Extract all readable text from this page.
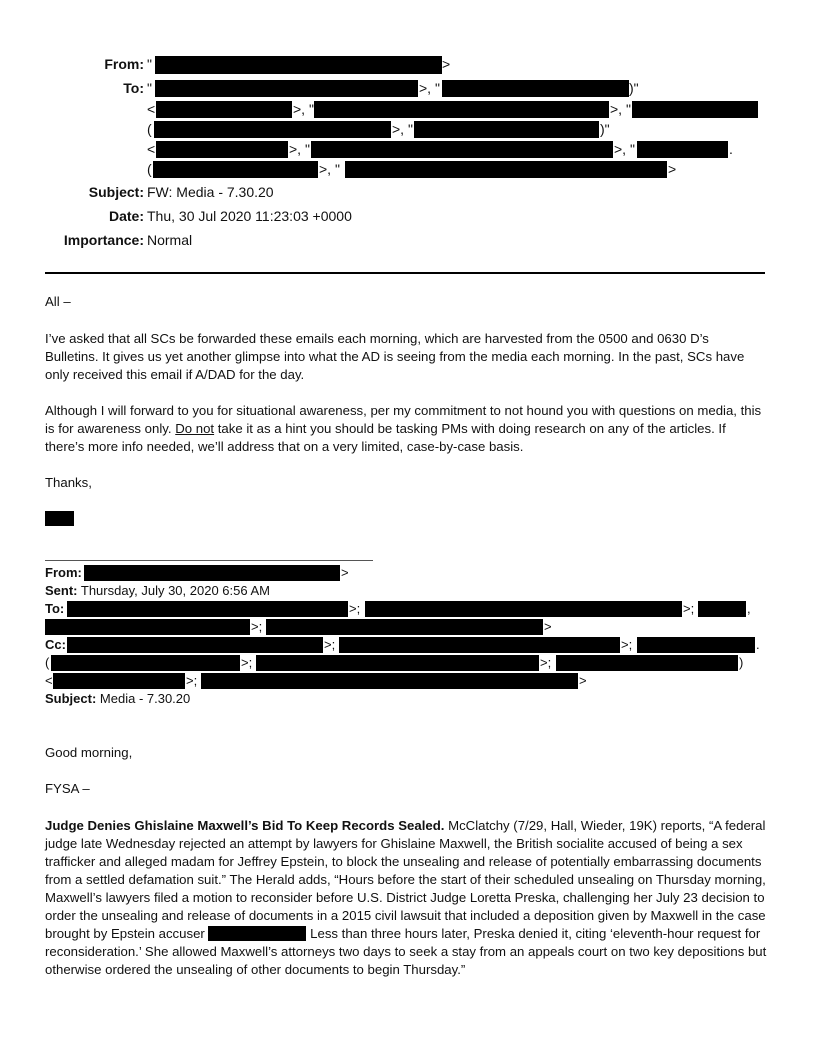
From: "	>
To: "	>, "	)"
<	>, "	>, "
(	>, "	)"
<	>, "	>, "	.
(	>, "	>
Subject: FW: Media - 7.30.20
Date: Thu, 30 Jul 2020 11:23:03 +0000
Importance: Normal
All –
I’ve asked that all SCs be forwarded these emails each morning, which are harvested from the 0500 and 0630 D’s Bulletins. It gives us yet another glimpse into what the AD is seeing from the media each morning. In the past, SCs have only received this email if A/DAD for the day.
Although I will forward to you for situational awareness, per my commitment to not hound you with questions on media, this is for awareness only. Do not take it as a hint you should be tasking PMs with doing research on any of the articles. If there’s more info needed, we’ll address that on a very limited, case-by-case basis.
Thanks,
From:	>
Sent: Thursday, July 30, 2020 6:56 AM
To:	>;	>;	,
>;	>
Cc:	>;	>;	.
(	>;	>;	)
<	>;	>
Subject: Media - 7.30.20
Good morning,
FYSA –
Judge Denies Ghislaine Maxwell’s Bid To Keep Records Sealed. McClatchy (7/29, Hall, Wieder, 19K) reports, “A federal judge late Wednesday rejected an attempt by lawyers for Ghislaine Maxwell, the British socialite accused of being a sex trafficker and alleged madam for Jeffrey Epstein, to block the unsealing and release of potentially embarrassing documents from a settled defamation suit.” The Herald adds, “Hours before the start of their scheduled unsealing on Thursday morning, Maxwell’s lawyers filed a motion to reconsider before U.S. District Judge Loretta Preska, challenging her July 23 decision to order the unsealing and release of documents in a 2015 civil lawsuit that included a deposition given by Maxwell in the case brought by Epstein accuser	Less than three hours later, Preska denied it, citing ‘eleventh-hour request for reconsideration.’ She allowed Maxwell’s attorneys two days to seek a stay from an appeals court on two key depositions but otherwise ordered the unsealing of other documents to begin Thursday.”
